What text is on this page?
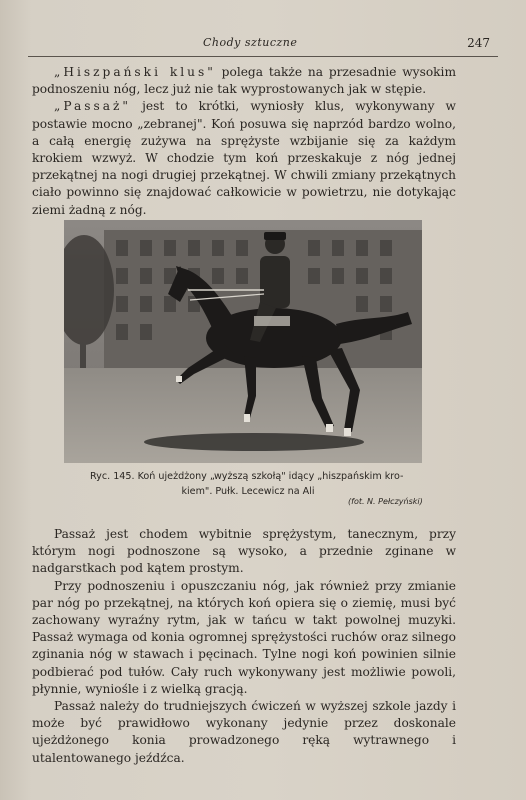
Chody sztuczne	247

„Hiszpański klus" polega także na przesadnie wysokim podnoszeniu nóg, lecz już nie tak wyprostowanych jak w stępie.

„Passaż" jest to krótki, wyniosły klus, wykonywany w postawie mocno „zebranej". Koń posuwa się naprzód bardzo wolno, a całą energię zużywa na sprężyste wzbijanie się za każdym krokiem wzwyż. W chodzie tym koń przeskakuje z nóg jednej przekątnej na nogi drugiej przekątnej. W chwili zmiany przekątnych ciało powinno się znajdować całkowicie w powietrzu, nie dotykając ziemi żadną z nóg.

Ryc. 145. Koń ujeżdżony „wyższą szkołą" idący „hiszpańskim kro-
kiem". Pułk. Lecewicz na Ali
(fot. N. Pełczyński)

Passaż jest chodem wybitnie sprężystym, tanecznym, przy którym nogi podnoszone są wysoko, a przednie zginane w nadgarstkach pod kątem prostym.

Przy podnoszeniu i opuszczaniu nóg, jak również przy zmianie par nóg po przekątnej, na których koń opiera się o ziemię, musi być zachowany wyraźny rytm, jak w tańcu w takt powolnej muzyki. Passaż wymaga od konia ogromnej sprężystości ruchów oraz silnego zginania nóg w stawach i pęcinach. Tylne nogi koń powinien silnie podbierać pod tułów. Cały ruch wykonywany jest możliwie powoli, płynnie, wyniośle i z wielką gracją.

Passaż należy do trudniejszych ćwiczeń w wyższej szkole jazdy i może być prawidłowo wykonany jedynie przez doskonale ujeżdżonego konia prowadzonego ręką wytrawnego i utalentowanego jeźdźca.
